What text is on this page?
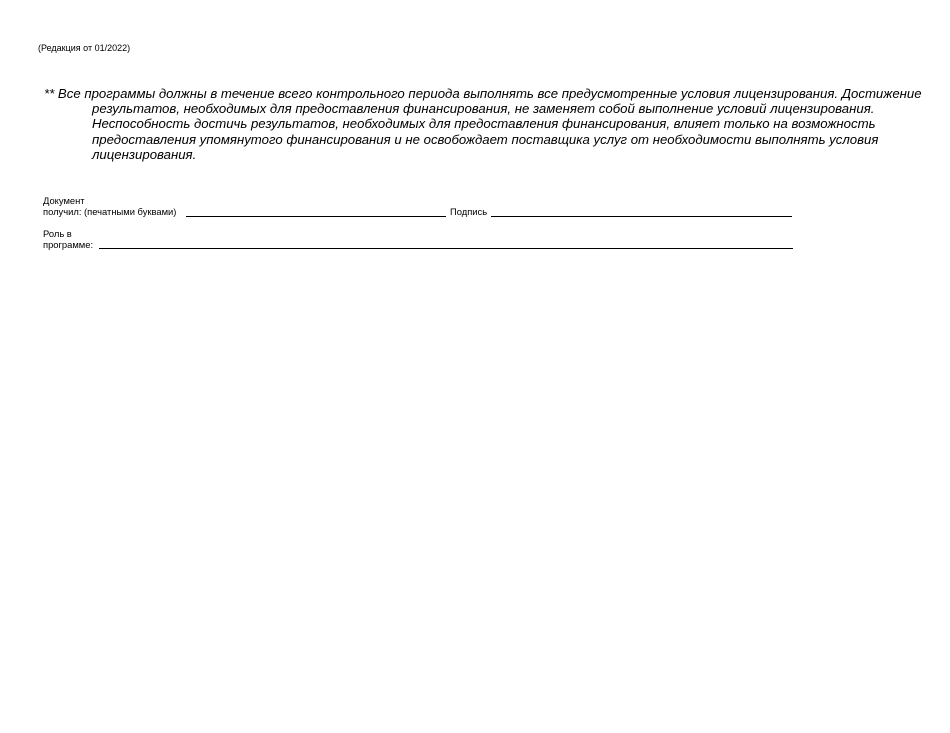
(Редакция от 01/2022)
** Все программы должны в течение всего контрольного периода выполнять все предусмотренные условия лицензирования. Достижение результатов, необходимых для предоставления финансирования, не заменяет собой выполнение условий лицензирования. Неспособность достичь результатов, необходимых для предоставления финансирования, влияет только на возможность предоставления упомянутого финансирования и не освобождает поставщика услуг от необходимости выполнять условия лицензирования.
Документ
получил: (печатными буквами)	Подпись
Роль в
программе:
